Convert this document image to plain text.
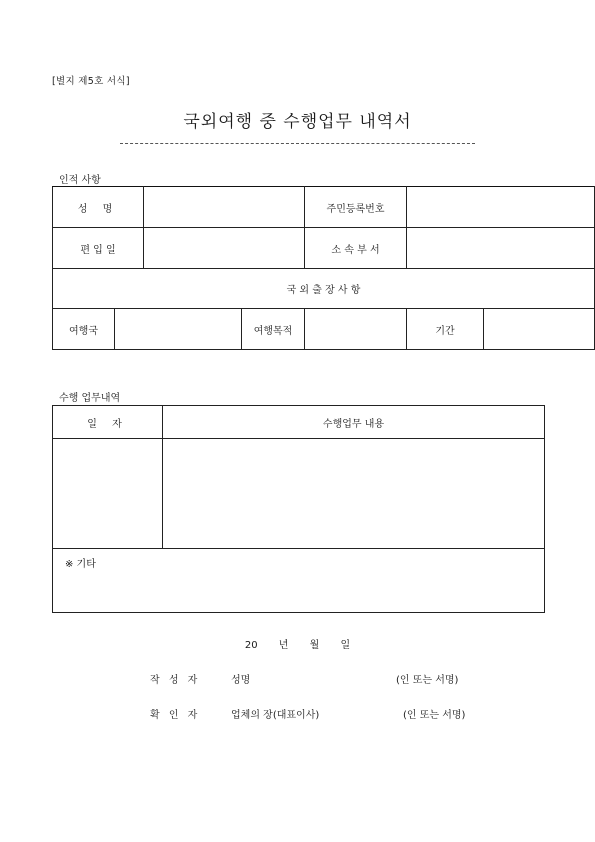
[별지 제5호 서식]
국외여행 중 수행업무 내역서
인적 사항
성 명				주민등록번호		
편 입 일				소 속 부 서		
국 외 출 장 사 항						
여행국			여행목적		기간	
수행 업무내역
일 자	수행업무 내용

※ 기타	
20 년 월 일
작 성 자	성명	(인 또는 서명)
확 인 자	업체의 장(대표이사)	(인 또는 서명)
